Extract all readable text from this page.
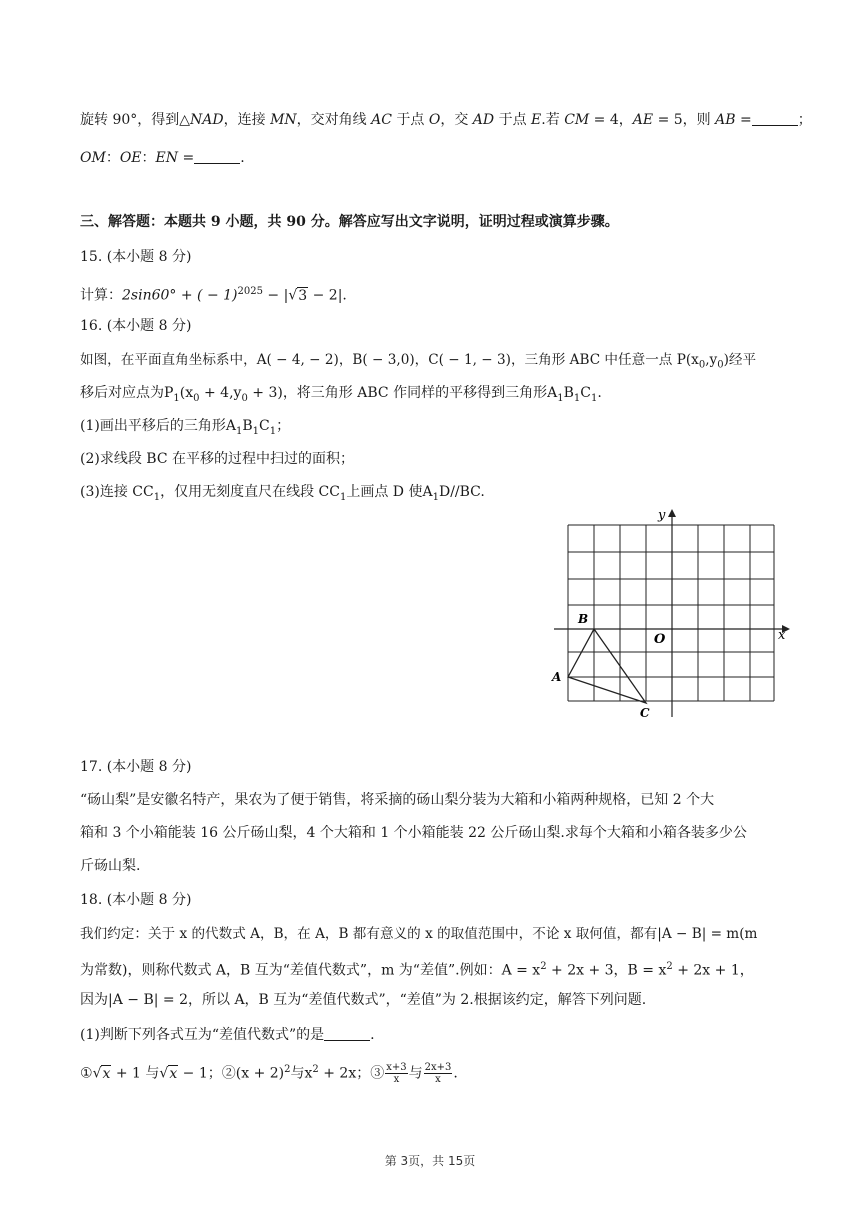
旋转 90°，得到△NAD，连接 MN，交对角线 AC 于点 O，交 AD 于点 E.若 CM = 4，AE = 5，则 AB =	；
OM：OE：EN =	.
三、解答题：本题共 9 小题，共 90 分。解答应写出文字说明，证明过程或演算步骤。
15. (本小题 8 分)
计算：2sin60° + ( − 1)$^{2025}$ − |√3 − 2|.
16. (本小题 8 分)
如图，在平面直角坐标系中，A( − 4, − 2)，B( − 3,0)，C( − 1, − 3)，三角形 ABC 中任意一点 $P(x_0,y_0)$经平
移后对应点为$P_1(x_0 + 4,y_0 + 3)$，将三角形 ABC 作同样的平移得到三角形$A_1B_1C_1$.
(1)画出平移后的三角形$A_1B_1C_1$；
(2)求线段 BC 在平移的过程中扫过的面积；
(3)连接 $CC_1$，仅用无刻度直尺在线段 $CC_1$上画点 D 使$A_1D//BC$.
y
x
O
A
B
C
17. (本小题 8 分)
“砀山梨”是安徽名特产，果农为了便于销售，将采摘的砀山梨分装为大箱和小箱两种规格，已知 2 个大
箱和 3 个小箱能装 16 公斤砀山梨，4 个大箱和 1 个小箱能装 22 公斤砀山梨.求每个大箱和小箱各装多少公
斤砀山梨.
18. (本小题 8 分)
我们约定：关于 x 的代数式 A，B，在 A，B 都有意义的 x 的取值范围中，不论 x 取何值，都有|A − B| = m(m
为常数)，则称代数式 A，B 互为“差值代数式”，m 为“差值”.例如：$A = x^2 + 2x + 3$，$B = x^2 + 2x + 1$，
因为|A − B| = 2，所以 A，B 互为“差值代数式”，“差值”为 2.根据该约定，解答下列问题.
(1)判断下列各式互为“差值代数式”的是	.
①√x + 1 与√x − 1；②(x + 2)$^2$与$x^2 + 2x$；③ $\frac{x+3}{x}$ 与 $\frac{2x+3}{x}$ .
第 3页，共 15页
